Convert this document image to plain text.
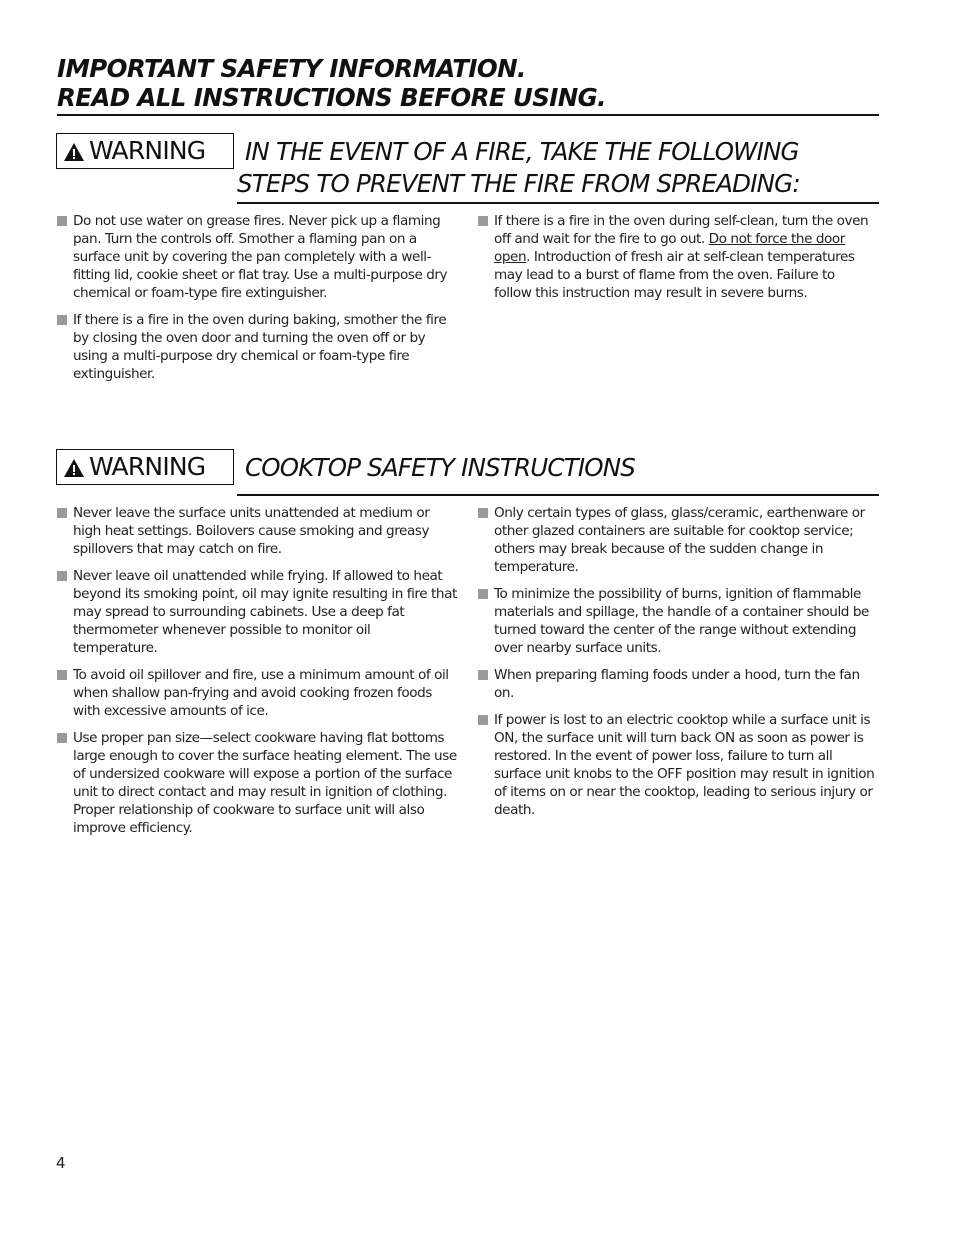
IMPORTANT SAFETY INFORMATION.
READ ALL INSTRUCTIONS BEFORE USING.
WARNING	IN THE EVENT OF A FIRE, TAKE THE FOLLOWING
STEPS TO PREVENT THE FIRE FROM SPREADING:
Do not use water on grease fires. Never pick up a flaming pan. Turn the controls off. Smother a flaming pan on a surface unit by covering the pan completely with a well-fitting lid, cookie sheet or flat tray. Use a multi-purpose dry chemical or foam-type fire extinguisher.
If there is a fire in the oven during baking, smother the fire by closing the oven door and turning the oven off or by using a multi-purpose dry chemical or foam-type fire extinguisher.
If there is a fire in the oven during self-clean, turn the oven off and wait for the fire to go out. Do not force the door open. Introduction of fresh air at self-clean temperatures may lead to a burst of flame from the oven. Failure to follow this instruction may result in severe burns.
WARNING COOKTOP SAFETY INSTRUCTIONS
Never leave the surface units unattended at medium or high heat settings. Boilovers cause smoking and greasy spillovers that may catch on fire.
Never leave oil unattended while frying. If allowed to heat beyond its smoking point, oil may ignite resulting in fire that may spread to surrounding cabinets. Use a deep fat thermometer whenever possible to monitor oil temperature.
To avoid oil spillover and fire, use a minimum amount of oil when shallow pan-frying and avoid cooking frozen foods with excessive amounts of ice.
Use proper pan size—select cookware having flat bottoms large enough to cover the surface heating element. The use of undersized cookware will expose a portion of the surface unit to direct contact and may result in ignition of clothing. Proper relationship of cookware to surface unit will also improve efficiency.
Only certain types of glass, glass/ceramic, earthenware or other glazed containers are suitable for cooktop service; others may break because of the sudden change in temperature.
To minimize the possibility of burns, ignition of flammable materials and spillage, the handle of a container should be turned toward the center of the range without extending over nearby surface units.
When preparing flaming foods under a hood, turn the fan on.
If power is lost to an electric cooktop while a surface unit is ON, the surface unit will turn back ON as soon as power is restored. In the event of power loss, failure to turn all surface unit knobs to the OFF position may result in ignition of items on or near the cooktop, leading to serious injury or death.
4
